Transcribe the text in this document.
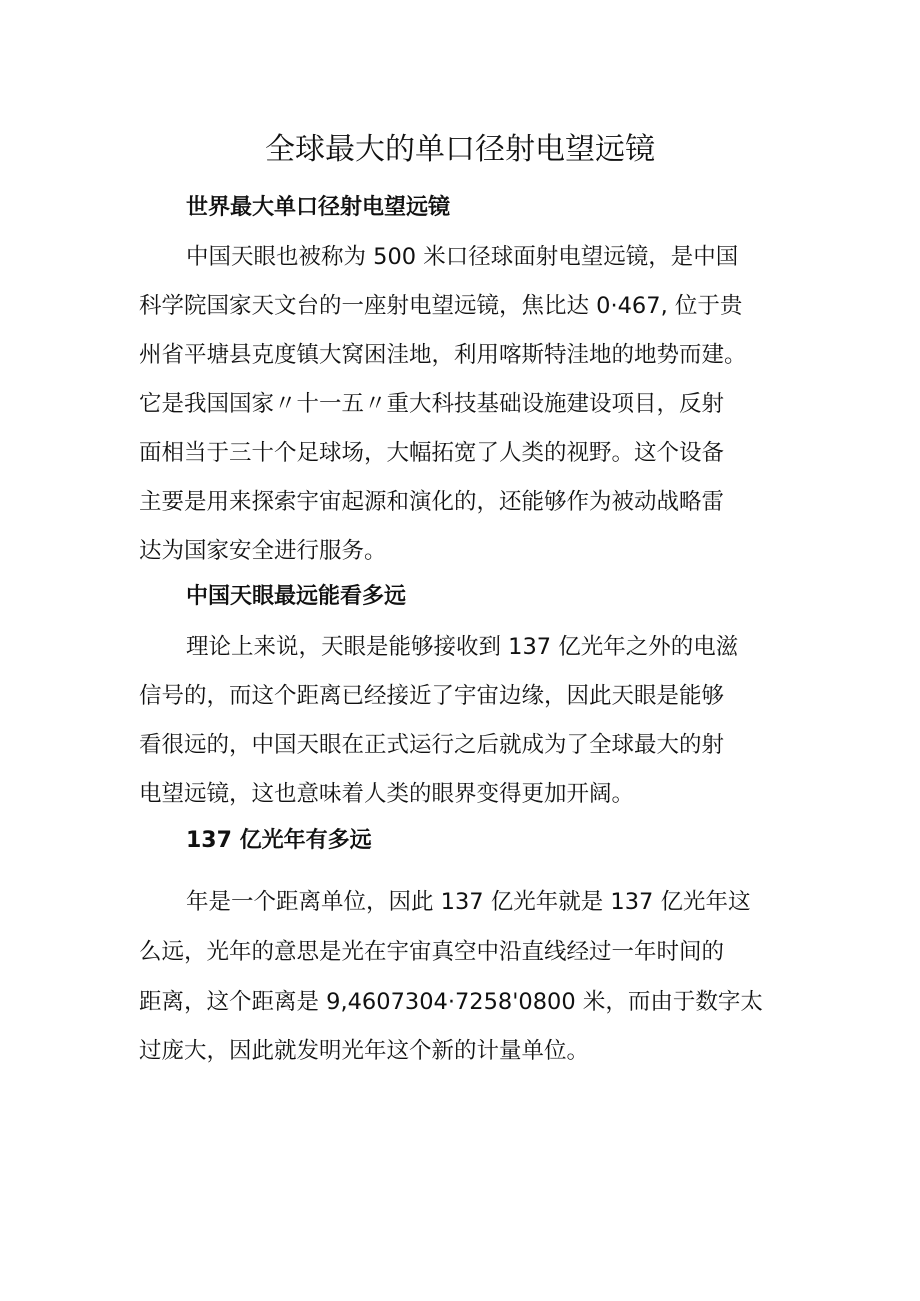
全球最大的单口径射电望远镜
世界最大单口径射电望远镜

中国天眼也被称为 500 米口径球面射电望远镜，是中国

科学院国家天文台的一座射电望远镜，焦比达 0·467, 位于贵

州省平塘县克度镇大窝困洼地，利用喀斯特洼地的地势而建。

它是我国国家〃十一五〃重大科技基础设施建设项目，反射

面相当于三十个足球场，大幅拓宽了人类的视野。这个设备

主要是用来探索宇宙起源和演化的，还能够作为被动战略雷

达为国家安全进行服务。

中国天眼最远能看多远

理论上来说，天眼是能够接收到 137 亿光年之外的电滋

信号的，而这个距离已经接近了宇宙边缘，因此天眼是能够

看很远的，中国天眼在正式运行之后就成为了全球最大的射

电望远镜，这也意味着人类的眼界变得更加开阔。

137 亿光年有多远

年是一个距离单位，因此 137 亿光年就是 137 亿光年这

么远，光年的意思是光在宇宙真空中沿直线经过一年时间的

距离，这个距离是 9,4607304·7258'0800 米，而由于数字太

过庞大，因此就发明光年这个新的计量单位。
